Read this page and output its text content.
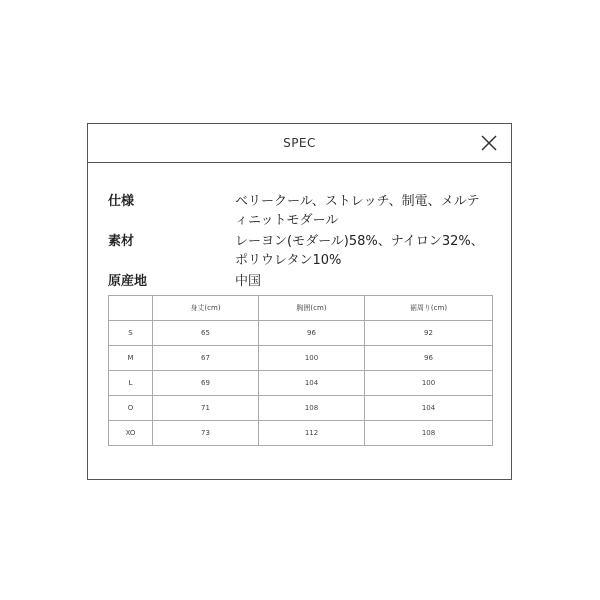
SPEC
仕様	ベリークール、ストレッチ、制電、メルティニットモダール
素材	レーヨン(モダール)58%、ナイロン32%、ポリウレタン10%
原産地	中国
	身丈(cm)	胸囲(cm)	裾周り(cm)
S	65	96	92
M	67	100	96
L	69	104	100
O	71	108	104
XO	73	112	108
